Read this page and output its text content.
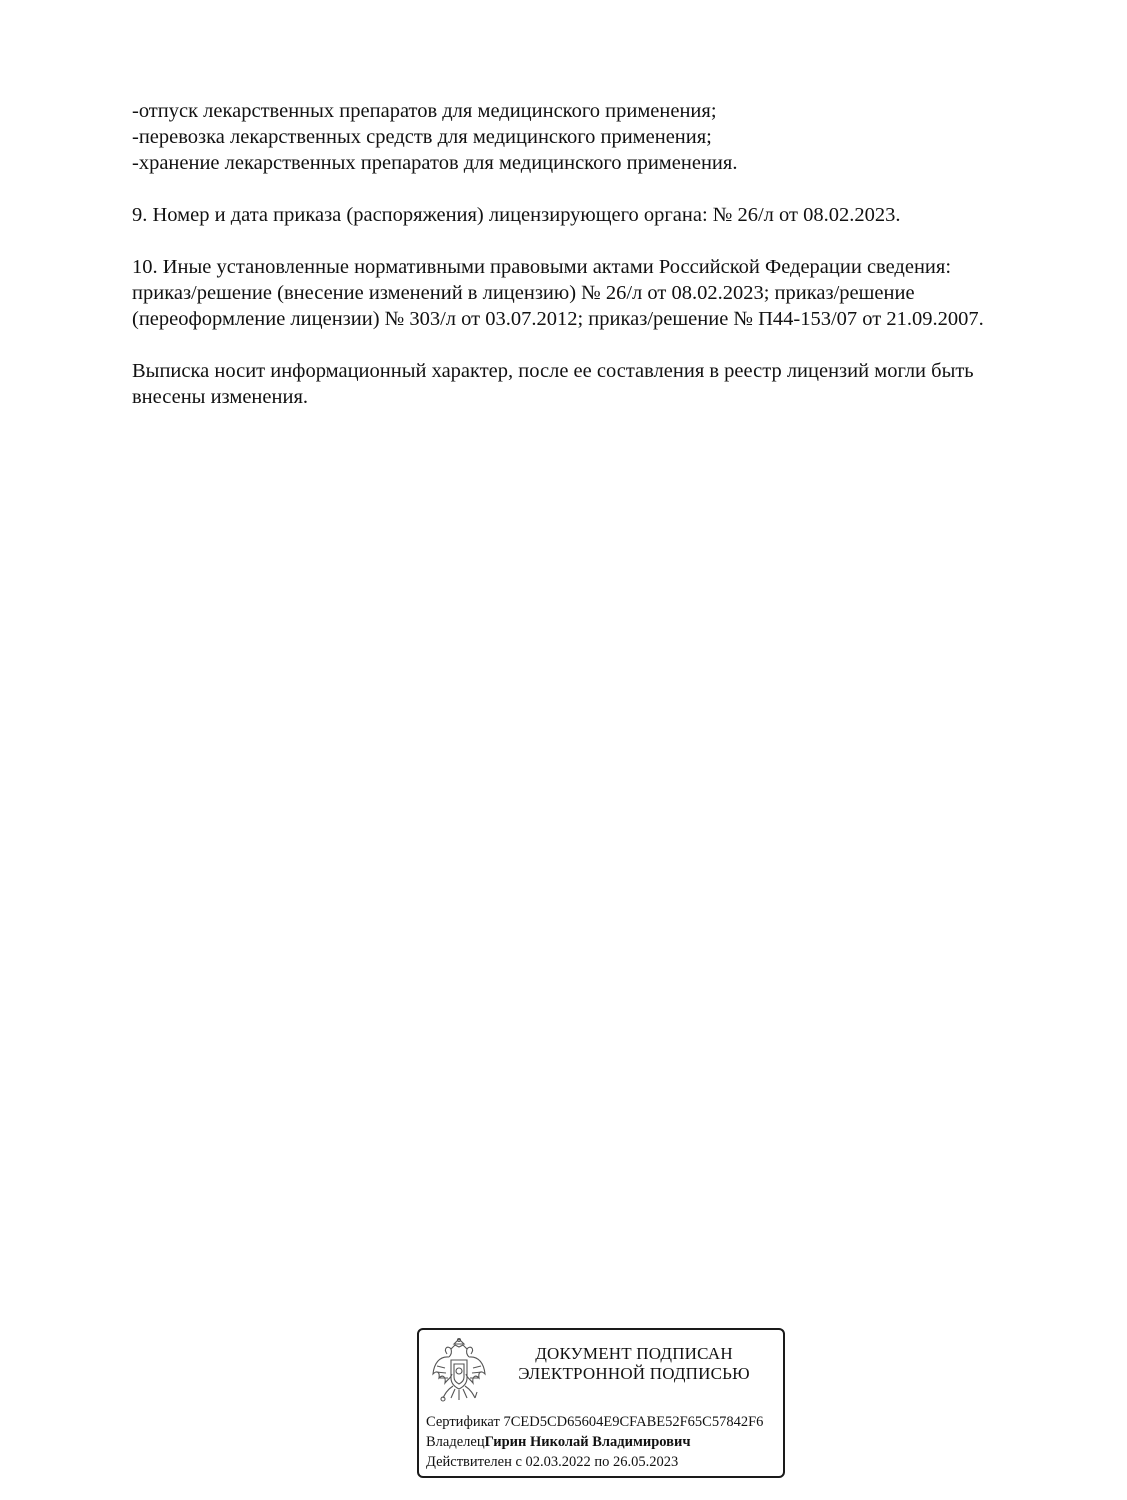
-отпуск лекарственных препаратов для медицинского применения;
-перевозка лекарственных средств для медицинского применения;
-хранение лекарственных препаратов для медицинского применения.
9. Номер и дата приказа (распоряжения) лицензирующего органа: № 26/л от 08.02.2023.
10. Иные установленные нормативными правовыми актами Российской Федерации сведения:
приказ/решение (внесение изменений в лицензию) № 26/л от 08.02.2023; приказ/решение
(переоформление лицензии) № 303/л от 03.07.2012; приказ/решение № П44-153/07 от 21.09.2007.
Выписка носит информационный характер, после ее составления в реестр лицензий могли быть
внесены изменения.
ДОКУМЕНТ ПОДПИСАН
ЭЛЕКТРОННОЙ ПОДПИСЬЮ
Сертификат 7CED5CD65604E9CFABE52F65C57842F6
ВладелецГирин Николай Владимирович
Действителен с 02.03.2022 по 26.05.2023
